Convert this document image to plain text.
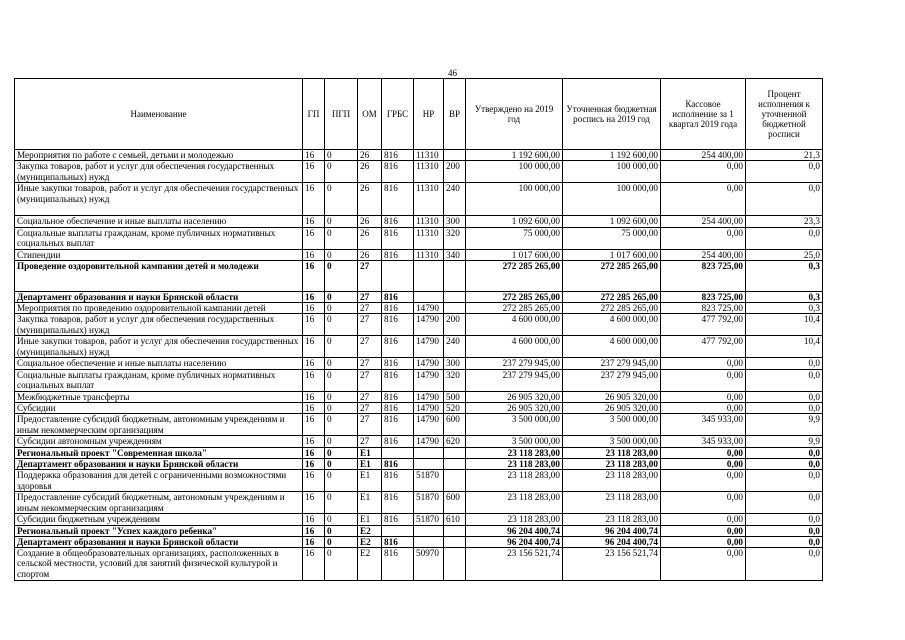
46
Наименование	ГП	ПГП	ОМ	ГРБС	НР	ВР	Утверждено на 2019 год	Уточненная бюджетная роспись на 2019 год	Кассовое исполнение за 1 квартал 2019 года	Процент исполнения к уточненной бюджетной росписи
Мероприятия по работе с семьей, детьми и молодежью	16	0	26	816	11310		1 192 600,00	1 192 600,00	254 400,00	21,3
Закупка товаров, работ и услуг для обеспечения государственных (муниципальных) нужд	16	0	26	816	11310	200	100 000,00	100 000,00	0,00	0,0
Иные закупки товаров, работ и услуг для обеспечения государственных (муниципальных) нужд	16	0	26	816	11310	240	100 000,00	100 000,00	0,00	0,0
Социальное обеспечение и иные выплаты населению	16	0	26	816	11310	300	1 092 600,00	1 092 600,00	254 400,00	23,3
Социальные выплаты гражданам, кроме публичных нормативных социальных выплат	16	0	26	816	11310	320	75 000,00	75 000,00	0,00	0,0
Стипендии	16	0	26	816	11310	340	1 017 600,00	1 017 600,00	254 400,00	25,0
Проведение оздоровительной кампании детей и молодежи	16	0	27				272 285 265,00	272 285 265,00	823 725,00	0,3
Департамент образования и науки Брянской области	16	0	27	816			272 285 265,00	272 285 265,00	823 725,00	0,3
Мероприятия по проведению оздоровительной кампании детей	16	0	27	816	14790		272 285 265,00	272 285 265,00	823 725,00	0,3
Закупка товаров, работ и услуг для обеспечения государственных (муниципальных) нужд	16	0	27	816	14790	200	4 600 000,00	4 600 000,00	477 792,00	10,4
Иные закупки товаров, работ и услуг для обеспечения государственных (муниципальных) нужд	16	0	27	816	14790	240	4 600 000,00	4 600 000,00	477 792,00	10,4
Социальное обеспечение и иные выплаты населению	16	0	27	816	14790	300	237 279 945,00	237 279 945,00	0,00	0,0
Социальные выплаты гражданам, кроме публичных нормативных социальных выплат	16	0	27	816	14790	320	237 279 945,00	237 279 945,00	0,00	0,0
Межбюджетные трансферты	16	0	27	816	14790	500	26 905 320,00	26 905 320,00	0,00	0,0
Субсидии	16	0	27	816	14790	520	26 905 320,00	26 905 320,00	0,00	0,0
Предоставление субсидий бюджетным, автономным учреждениям и иным некоммерческим организациям	16	0	27	816	14790	600	3 500 000,00	3 500 000,00	345 933,00	9,9
Субсидии автономным учреждениям	16	0	27	816	14790	620	3 500 000,00	3 500 000,00	345 933,00	9,9
Региональный проект "Современная школа"	16	0	E1				23 118 283,00	23 118 283,00	0,00	0,0
Департамент образования и науки Брянской области	16	0	E1	816			23 118 283,00	23 118 283,00	0,00	0,0
Поддержка образования для детей с ограниченными возможностями здоровья	16	0	E1	816	51870		23 118 283,00	23 118 283,00	0,00	0,0
Предоставление субсидий бюджетным, автономным учреждениям и иным некоммерческим организациям	16	0	E1	816	51870	600	23 118 283,00	23 118 283,00	0,00	0,0
Субсидии бюджетным учреждениям	16	0	E1	816	51870	610	23 118 283,00	23 118 283,00	0,00	0,0
Региональный проект "Успех каждого ребенка"	16	0	E2				96 204 400,74	96 204 400,74	0,00	0,0
Департамент образования и науки Брянской области	16	0	E2	816			96 204 400,74	96 204 400,74	0,00	0,0
Создание в общеобразовательных организациях, расположенных в сельской местности, условий для занятий физической культурой и спортом	16	0	E2	816	50970		23 156 521,74	23 156 521,74	0,00	0,0
